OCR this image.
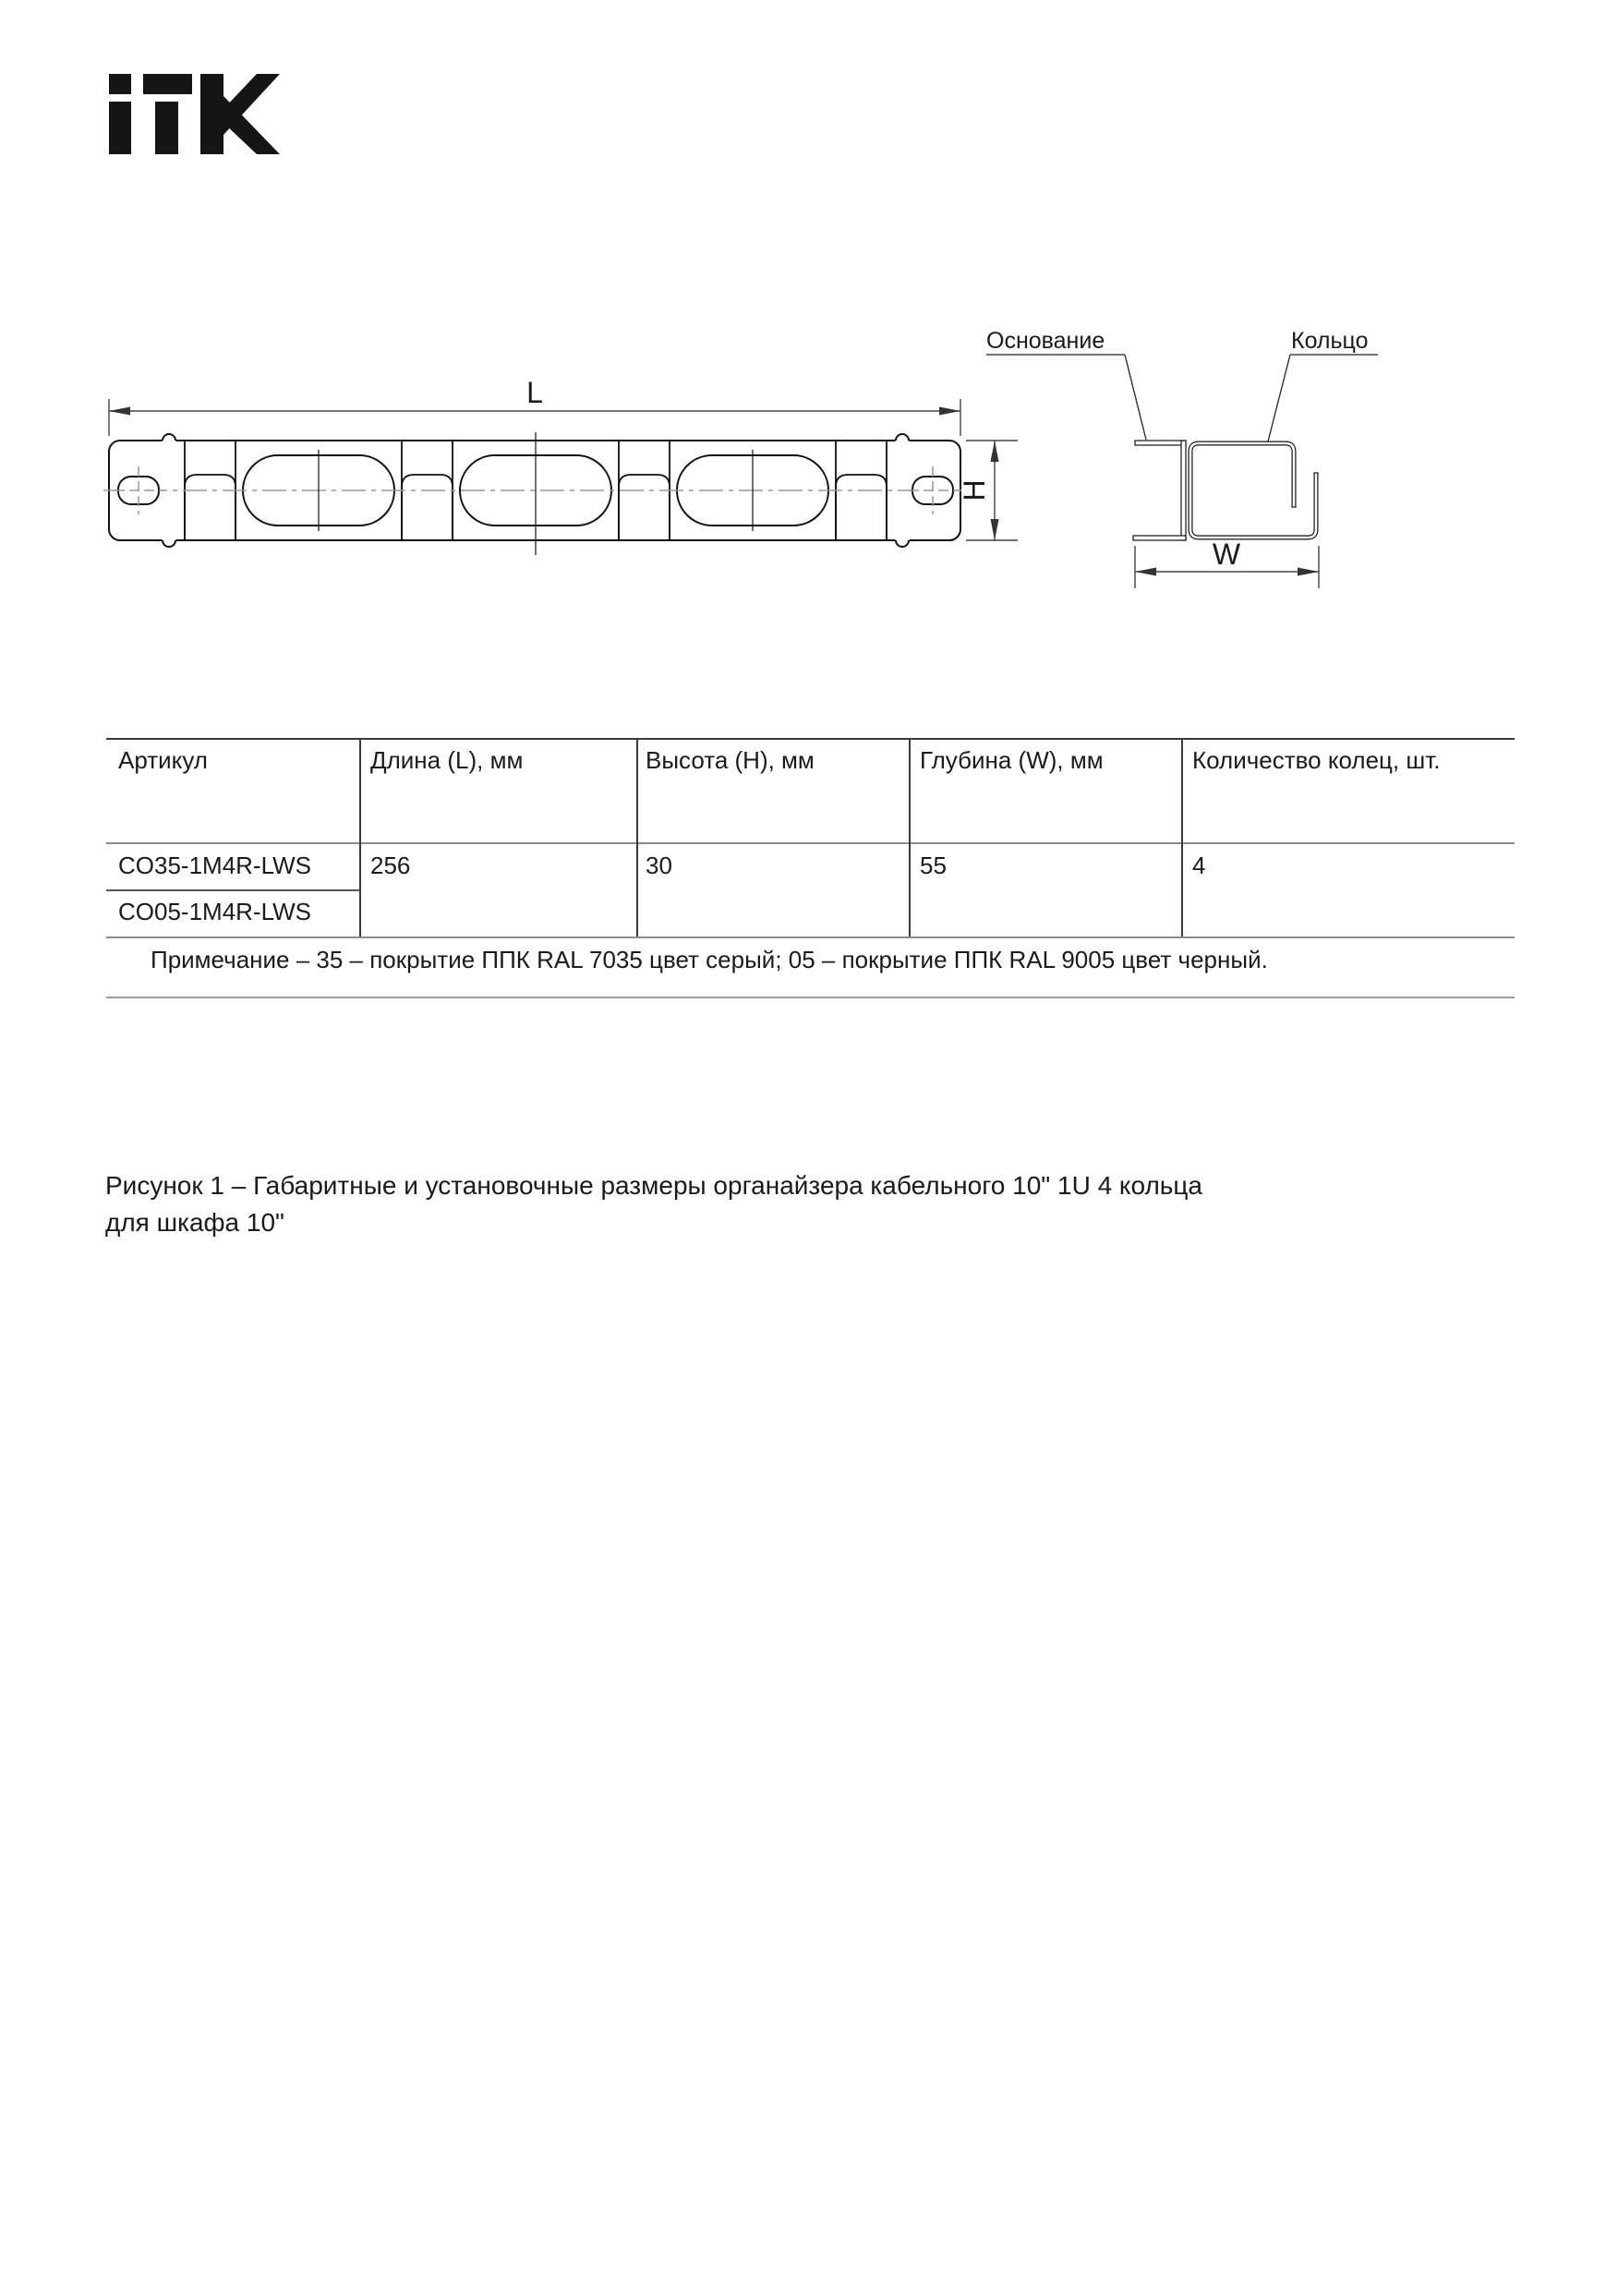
L
H
Основание	Кольцо
W
Артикул	Длина (L), мм	Высота (H), мм	Глубина (W), мм	Количество колец, шт.
CO35-1M4R-LWS 256	30	55	4
CO05-1M4R-LWS
Примечание – 35 – покрытие ППК RAL 7035 цвет серый; 05 – покрытие ППК RAL 9005 цвет черный.
Рисунок 1 – Габаритные и установочные размеры органайзера кабельного 10" 1U 4 кольца
для шкафа 10"
